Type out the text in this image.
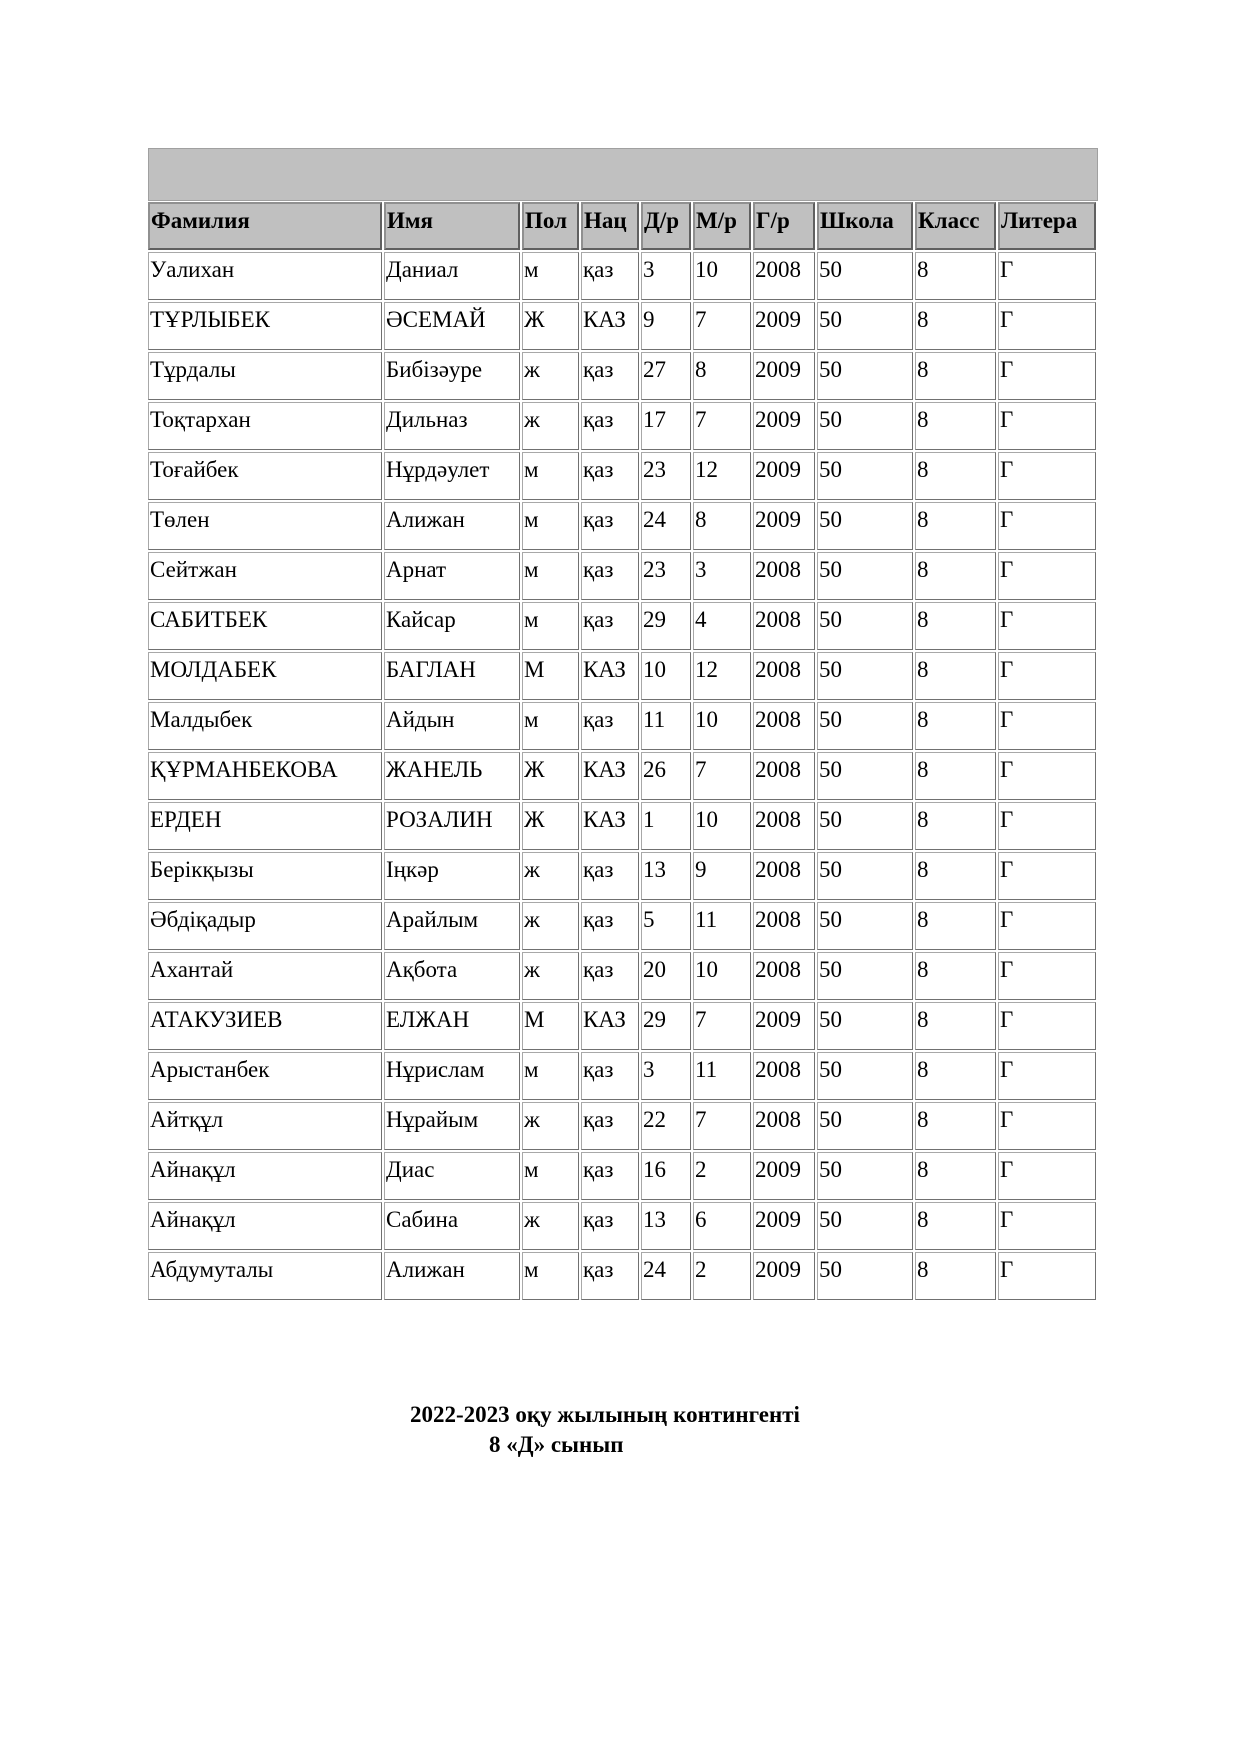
Фамилия	Имя	Пол	Нац	Д/р	М/р	Г/р	Школа	Класс	Литера
Уалихан	Даниал	м	қаз	3	10	2008	50	8	Г
ТҰРЛЫБЕК	ӘСЕМАЙ	Ж	КАЗ	9	7	2009	50	8	Г
Тұрдалы	Бибізәуре	ж	қаз	27	8	2009	50	8	Г
Тоқтархан	Дильназ	ж	қаз	17	7	2009	50	8	Г
Тоғайбек	Нұрдәулет	м	қаз	23	12	2009	50	8	Г
Төлен	Алижан	м	қаз	24	8	2009	50	8	Г
Сейтжан	Арнат	м	қаз	23	3	2008	50	8	Г
САБИТБЕК	Кайсар	м	қаз	29	4	2008	50	8	Г
МОЛДАБЕК	БАГЛАН	М	КАЗ	10	12	2008	50	8	Г
Малдыбек	Айдын	м	қаз	11	10	2008	50	8	Г
ҚҰРМАНБЕКОВА	ЖАНЕЛЬ	Ж	КАЗ	26	7	2008	50	8	Г
ЕРДЕН	РОЗАЛИН	Ж	КАЗ	1	10	2008	50	8	Г
Берікқызы	Іңкәр	ж	қаз	13	9	2008	50	8	Г
Әбдіқадыр	Арайлым	ж	қаз	5	11	2008	50	8	Г
Ахантай	Ақбота	ж	қаз	20	10	2008	50	8	Г
АТАКУЗИЕВ	ЕЛЖАН	М	КАЗ	29	7	2009	50	8	Г
Арыстанбек	Нұрислам	м	қаз	3	11	2008	50	8	Г
Айтқұл	Нұрайым	ж	қаз	22	7	2008	50	8	Г
Айнақұл	Диас	м	қаз	16	2	2009	50	8	Г
Айнақұл	Сабина	ж	қаз	13	6	2009	50	8	Г
Абдумуталы	Алижан	м	қаз	24	2	2009	50	8	Г
2022-2023 оқу жылының контингенті
8 «Д» сынып
